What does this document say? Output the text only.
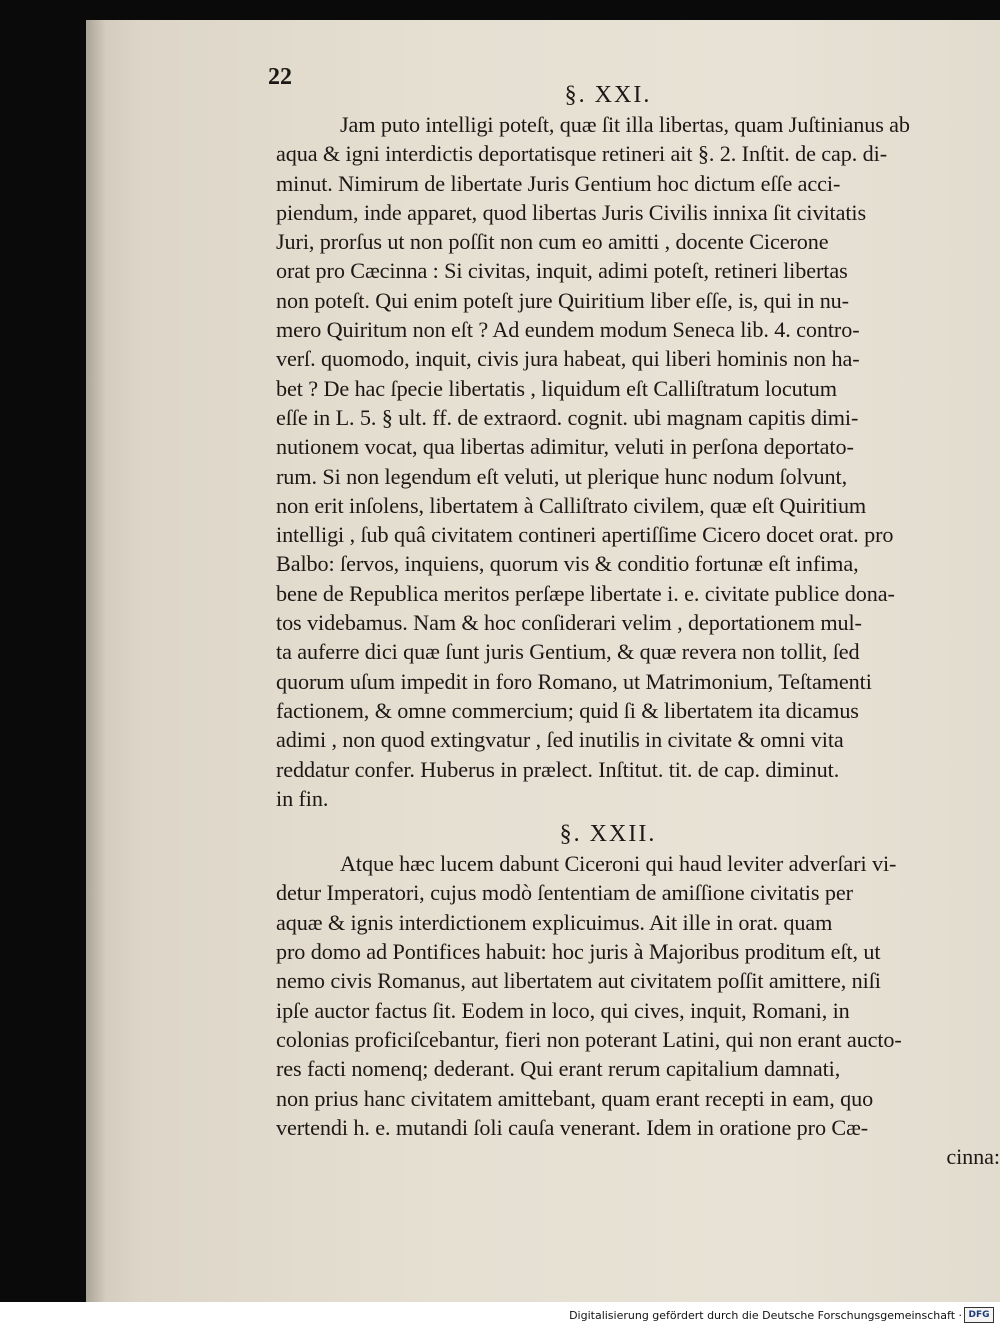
22
§. XXI.
Jam puto intelligi poteſt, quæ ſit illa libertas, quam Juſtinianus ab
aqua & igni interdictis deportatisque retineri ait §. 2. Inſtit. de cap. di-
minut. Nimirum de libertate Juris Gentium hoc dictum eſſe acci-
piendum, inde apparet, quod libertas Juris Civilis innixa ſit civitatis
Juri, prorſus ut non poſſit non cum eo amitti , docente Cicerone
orat pro Cæcinna : Si civitas, inquit, adimi poteſt, retineri libertas
non poteſt. Qui enim poteſt jure Quiritium liber eſſe, is, qui in nu-
mero Quiritum non eſt ? Ad eundem modum Seneca lib. 4. contro-
verſ. quomodo, inquit, civis jura habeat, qui liberi hominis non ha-
bet ? De hac ſpecie libertatis , liquidum eſt Calliſtratum locutum
eſſe in L. 5. § ult. ff. de extraord. cognit. ubi magnam capitis dimi-
nutionem vocat, qua libertas adimitur, veluti in perſona deportato-
rum. Si non legendum eſt veluti, ut plerique hunc nodum ſolvunt,
non erit inſolens, libertatem à Calliſtrato civilem, quæ eſt Quiritium
intelligi , ſub quâ civitatem contineri apertiſſime Cicero docet orat. pro
Balbo: ſervos, inquiens, quorum vis & conditio fortunæ eſt infima,
bene de Republica meritos perſæpe libertate i. e. civitate publice dona-
tos videbamus. Nam & hoc conſiderari velim , deportationem mul-
ta auferre dici quæ ſunt juris Gentium, & quæ revera non tollit, ſed
quorum uſum impedit in foro Romano, ut Matrimonium, Teſtamenti
factionem, & omne commercium; quid ſi & libertatem ita dicamus
adimi , non quod extingvatur , ſed inutilis in civitate & omni vita
reddatur confer. Huberus in prælect. Inſtitut. tit. de cap. diminut.
in fin.
§. XXII.
Atque hæc lucem dabunt Ciceroni qui haud leviter adverſari vi-
detur Imperatori, cujus modò ſententiam de amiſſione civitatis per
aquæ & ignis interdictionem explicuimus. Ait ille in orat. quam
pro domo ad Pontifices habuit: hoc juris à Majoribus proditum eſt, ut
nemo civis Romanus, aut libertatem aut civitatem poſſit amittere, niſi
ipſe auctor factus ſit. Eodem in loco, qui cives, inquit, Romani, in
colonias proficiſcebantur, fieri non poterant Latini, qui non erant aucto-
res facti nomenq; dederant. Qui erant rerum capitalium damnati,
non prius hanc civitatem amittebant, quam erant recepti in eam, quo
vertendi h. e. mutandi ſoli cauſa venerant. Idem in oratione pro Cæ-
cinna:
Digitalisierung gefördert durch die Deutsche Forschungsgemeinschaft · DFG
